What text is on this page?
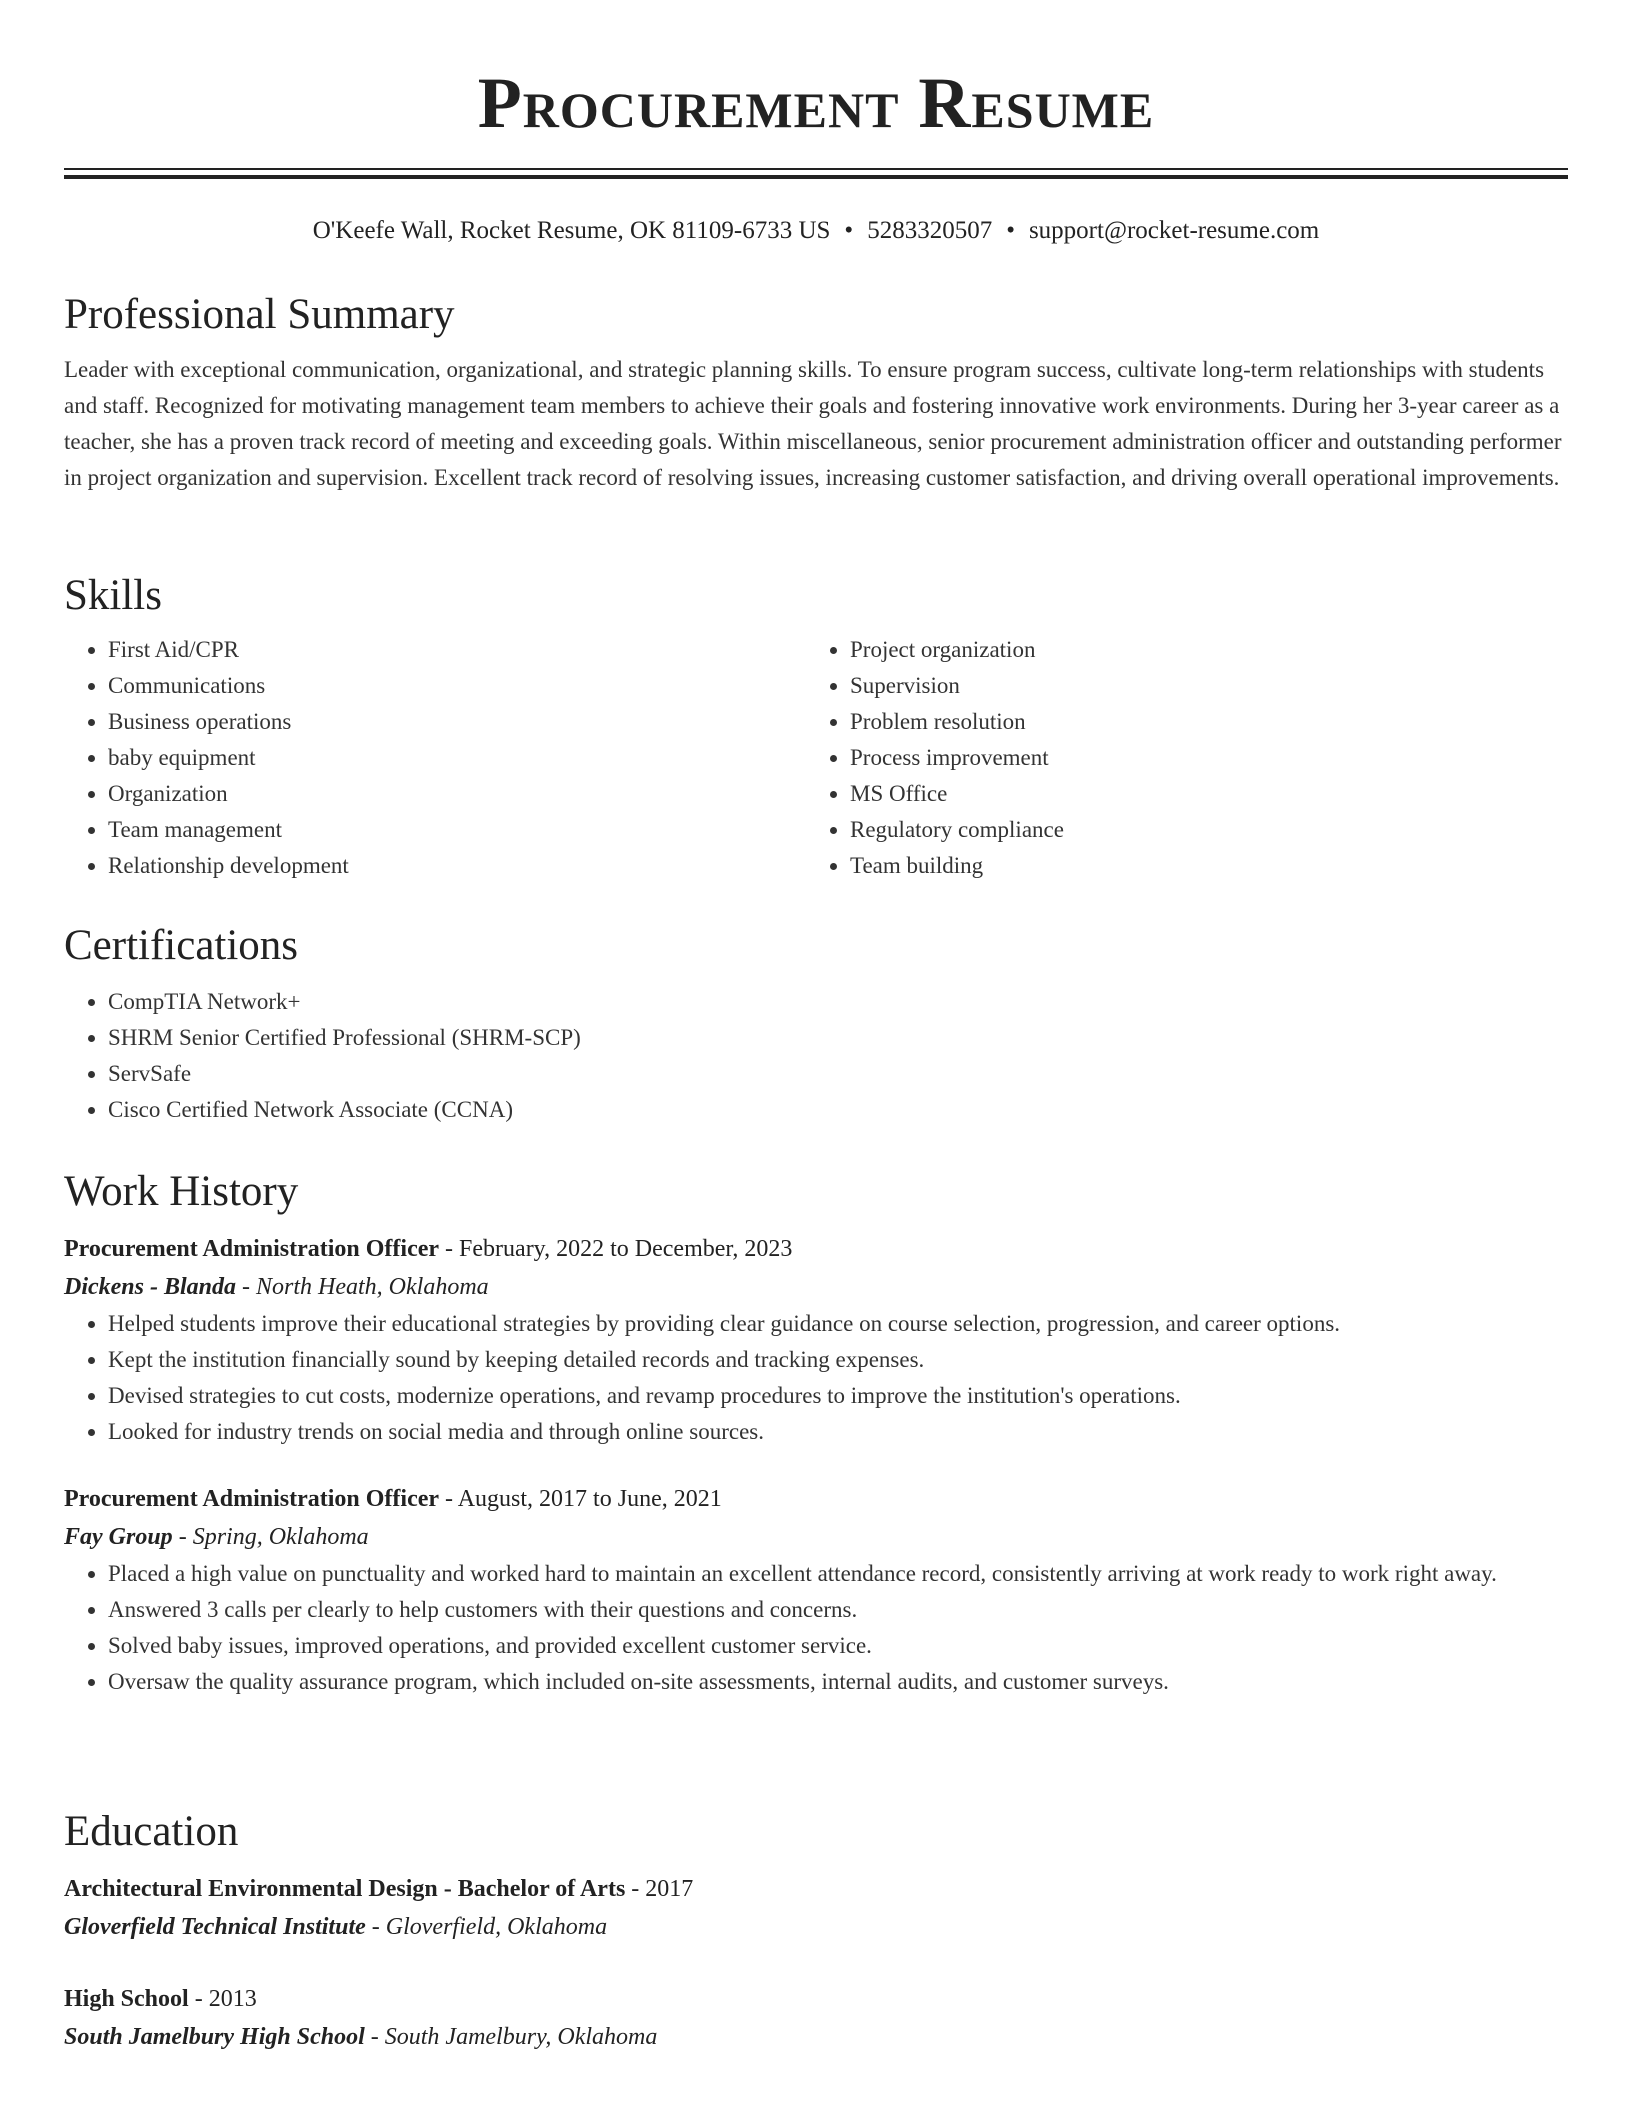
Procurement Resume
O'Keefe Wall, Rocket Resume, OK 81109-6733 US • 5283320507 • support@rocket-resume.com
Professional Summary

Leader with exceptional communication, organizational, and strategic planning skills. To ensure program success, cultivate long-term relationships with students and staff. Recognized for motivating management team members to achieve their goals and fostering innovative work environments. During her 3-year career as a teacher, she has a proven track record of meeting and exceeding goals. Within miscellaneous, senior procurement administration officer and outstanding performer in project organization and supervision. Excellent track record of resolving issues, increasing customer satisfaction, and driving overall operational improvements.

Skills
• First Aid/CPR
• Communications
• Business operations
• baby equipment
• Organization
• Team management
• Relationship development
• Project organization
• Supervision
• Problem resolution
• Process improvement
• MS Office
• Regulatory compliance
• Team building
Certifications
• CompTIA Network+
• SHRM Senior Certified Professional (SHRM-SCP)
• ServSafe
• Cisco Certified Network Associate (CCNA)
Work History
Procurement Administration Officer - February, 2022 to December, 2023
Dickens - Blanda - North Heath, Oklahoma
• Helped students improve their educational strategies by providing clear guidance on course selection, progression, and career options.
• Kept the institution financially sound by keeping detailed records and tracking expenses.
• Devised strategies to cut costs, modernize operations, and revamp procedures to improve the institution's operations.
• Looked for industry trends on social media and through online sources.
Procurement Administration Officer - August, 2017 to June, 2021
Fay Group - Spring, Oklahoma
• Placed a high value on punctuality and worked hard to maintain an excellent attendance record, consistently arriving at work ready to work right away.
• Answered 3 calls per clearly to help customers with their questions and concerns.
• Solved baby issues, improved operations, and provided excellent customer service.
• Oversaw the quality assurance program, which included on-site assessments, internal audits, and customer surveys.
Education
Architectural Environmental Design - Bachelor of Arts - 2017
Gloverfield Technical Institute - Gloverfield, Oklahoma
High School - 2013
South Jamelbury High School - South Jamelbury, Oklahoma
